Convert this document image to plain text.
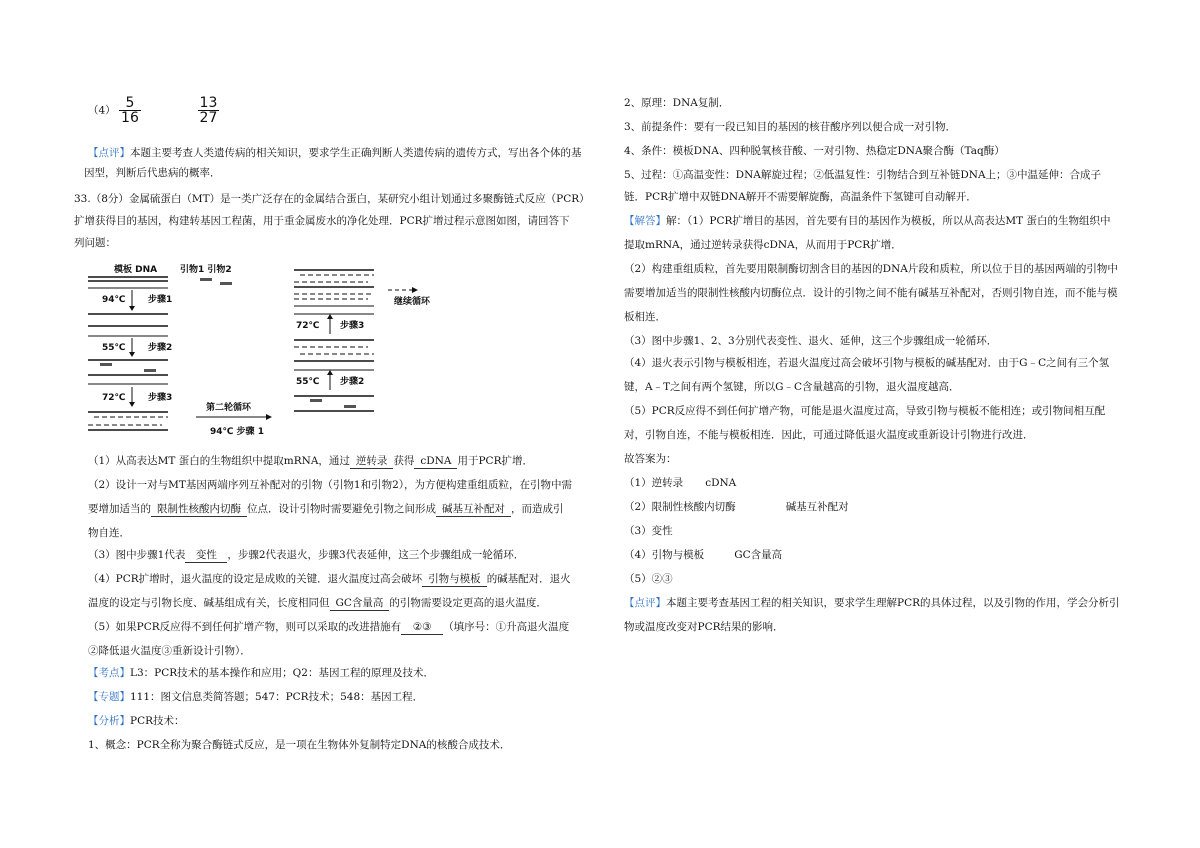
$(4) \frac{5}{16}$
	$\frac{13}{27}$
【点评】本题主要考查人类遗传病的相关知识，要求学生正确判断人类遗传病的遗传方式，写出各个体的基
因型，判断后代患病的概率．
33.（8分）金属硫蛋白（MT）是一类广泛存在的金属结合蛋白，某研究小组计划通过多聚酶链式反应（PCR）
扩增获得目的基因，构建转基因工程菌，用于重金属废水的净化处理．PCR扩增过程示意图如图，请回答下
列问题：
模板 DNA	引物1 引物2
94℃	步骤1
55℃	步骤2
72℃	步骤3
第二轮循环
94℃ 步骤 1
72℃ 步骤3
55℃ 步骤2
继续循环
（1）从高表达MT 蛋白的生物组织中提取mRNA，通过 逆转录 获得 cDNA 用于PCR扩增．
（2）设计一对与MT基因两端序列互补配对的引物（引物1和引物2），为方便构建重组质粒，在引物中需
要增加适当的 限制性核酸内切酶 位点．设计引物时需要避免引物之间形成 碱基互补配对 ，而造成引
物自连．
（3）图中步骤1代表 变性 ，步骤2代表退火，步骤3代表延伸，这三个步骤组成一轮循环．
（4）PCR扩增时，退火温度的设定是成败的关键．退火温度过高会破坏 引物与模板 的碱基配对．退火
温度的设定与引物长度、碱基组成有关，长度相同但 GC含量高 的引物需要设定更高的退火温度．
（5）如果PCR反应得不到任何扩增产物，则可以采取的改进措施有 ②③ （填序号：①升高退火温度
②降低退火温度③重新设计引物）．
【考点】L3：PCR技术的基本操作和应用；Q2：基因工程的原理及技术．
【专题】111：图文信息类简答题；547：PCR技术；548：基因工程．
【分析】PCR技术：
1、概念：PCR全称为聚合酶链式反应，是一项在生物体外复制特定DNA的核酸合成技术．
2、原理：DNA复制．
3、前提条件：要有一段已知目的基因的核苷酸序列以便合成一对引物．
4、条件：模板DNA、四种脱氧核苷酸、一对引物、热稳定DNA聚合酶（Taq酶）
5、过程：①高温变性：DNA解旋过程；②低温复性：引物结合到互补链DNA上；③中温延伸：合成子
链．PCR扩增中双链DNA解开不需要解旋酶，高温条件下氢键可自动解开．
【解答】解：（1）PCR扩增目的基因，首先要有目的基因作为模板，所以从高表达MT 蛋白的生物组织中
提取mRNA，通过逆转录获得cDNA，从而用于PCR扩增．
（2）构建重组质粒，首先要用限制酶切割含目的基因的DNA片段和质粒，所以位于目的基因两端的引物中
需要增加适当的限制性核酸内切酶位点．设计的引物之间不能有碱基互补配对，否则引物自连，而不能与模
板相连．
（3）图中步骤1、2、3分别代表变性、退火、延伸，这三个步骤组成一轮循环．
（4）退火表示引物与模板相连，若退火温度过高会破坏引物与模板的碱基配对．由于G﹣C之间有三个氢
键，A﹣T之间有两个氢键，所以G﹣C含量越高的引物，退火温度越高．
（5）PCR反应得不到任何扩增产物，可能是退火温度过高，导致引物与模板不能相连；或引物间相互配
对，引物自连，不能与模板相连．因此，可通过降低退火温度或重新设计引物进行改进．
故答案为：
（1）逆转录 cDNA
（2）限制性核酸内切酶	碱基互补配对
（3）变性
（4）引物与模板	GC含量高
（5）②③
【点评】本题主要考查基因工程的相关知识，要求学生理解PCR的具体过程，以及引物的作用，学会分析引
物或温度改变对PCR结果的影响．
